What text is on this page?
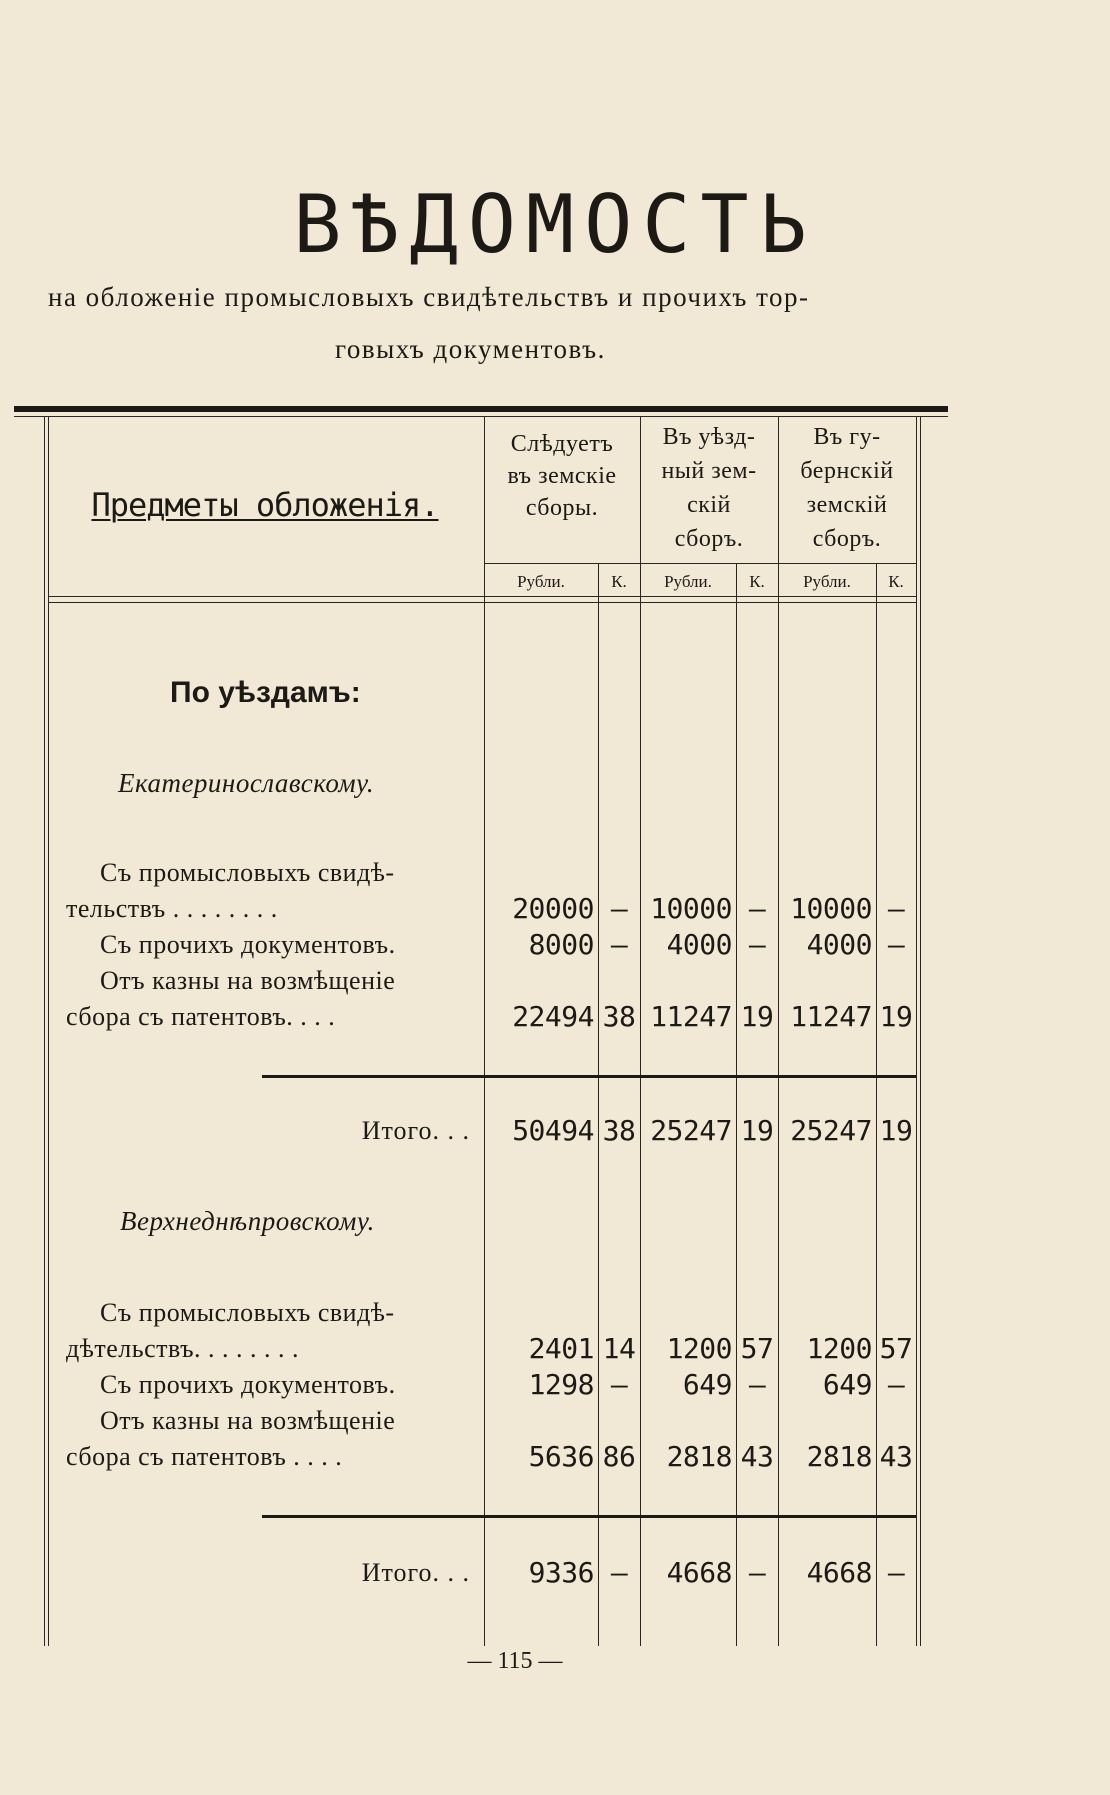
ВѢДОМОСТЬ
на обложеніе промысловыхъ свидѣтельствъ и прочихъ тор-
говыхъ документовъ.
Предметы обложенія.
Слѣдуетъ
въ земскіе
сборы.
Въ уѣзд-
ный зем-
скій
сборъ.
Въ гу-
бернскій
земскій
сборъ.
Рубли.	К.	Рубли.	К.	Рубли.	К.
По уѣздамъ:
Екатеринославскому.
Съ промысловыхъ свидѣ-
тельствъ . . . . . . . .	20000 — 10000 — 10000 —
Съ прочихъ документовъ.	8000 —	4000 —	4000 —
Отъ казны на возмѣщеніе
сбора съ патентовъ. . . .	22494 38 11247 19 11247 19
Итого. . .	50494 38 25247 19 25247 19
Верхнеднѣпровскому.
Съ промысловыхъ свидѣ-
дѣтельствъ. . . . . . . .	2401 14	1200 57	1200 57
Съ прочихъ документовъ.	1298 —	649 —	649 —
Отъ казны на возмѣщеніе
сбора съ патентовъ . . . .	5636 86	2818 43	2818 43
Итого. . .	9336 —	4668 —	4668 —
— 115 —
